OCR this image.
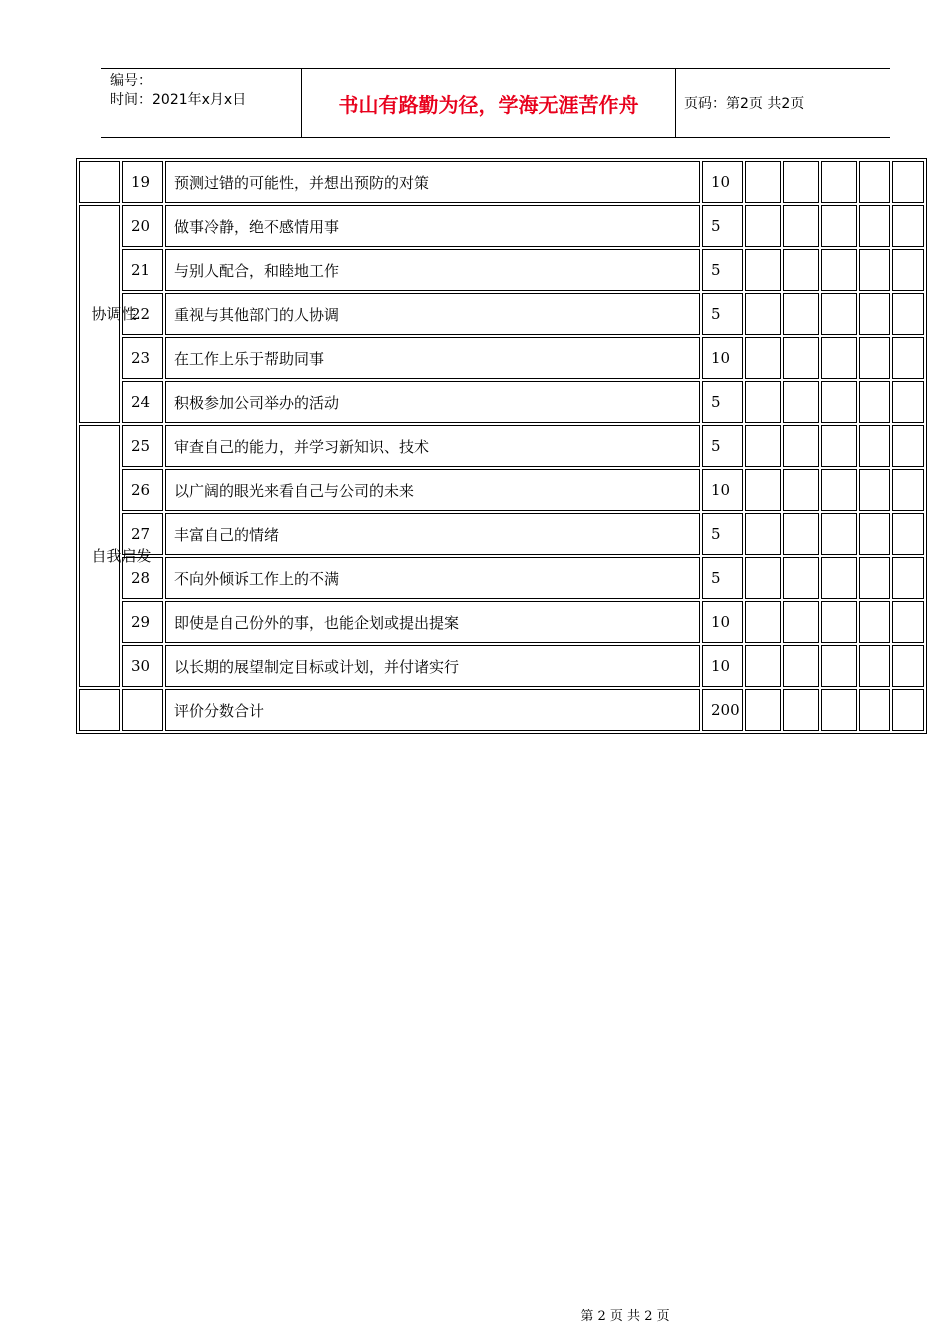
编号：
时间：2021年x月x日	书山有路勤为径，学海无涯苦作舟	页码：第2页 共2页
	19	预测过错的可能性，并想出预防的对策	10					

协调性	20	做事冷静，绝不感情用事	5					
	21	与别人配合，和睦地工作	5					
	22	重视与其他部门的人协调	5					
	23	在工作上乐于帮助同事	10					
	24	积极参加公司举办的活动	5					

自我启发	25	审查自己的能力，并学习新知识、技术	5					
	26	以广阔的眼光来看自己与公司的未来	10					
	27	丰富自己的情绪	5					
	28	不向外倾诉工作上的不满	5					
	29	即使是自己份外的事，也能企划或提出提案	10					
	30	以长期的展望制定目标或计划，并付诸实行	10					
		评价分数合计	200					
第 2 页 共 2 页
